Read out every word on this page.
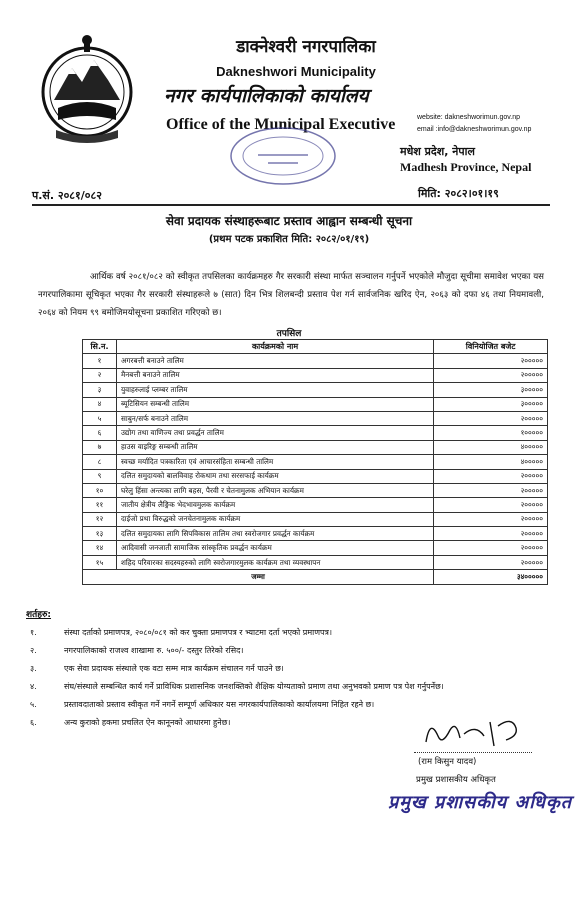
डाक्नेश्वरी नगरपालिका
Dakneshwori Municipality
नगर कार्यपालिकाको कार्यालय
Office of the Municipal Executive	website: dakneshworimun.gov.np
email :info@dakneshworimun.gov.np
मधेश प्रदेश, नेपाल
Madhesh Province, Nepal
प.सं. २०८१/०८२	मिति: २०८२।०१।१९
सेवा प्रदायक संस्थाहरूबाट प्रस्ताव आह्वान सम्बन्धी सूचना
(प्रथम पटक प्रकाशित मिति: २०८२/०१/१९)

आर्थिक वर्ष २०८१/०८२ को स्वीकृत तपसिलका कार्यक्रमहरु गैर सरकारी संस्था मार्फत सञ्चालन गर्नुपर्ने भएकोले मौजुदा सूचीमा समावेश भएका यस नगरपालिकामा सूचिकृत भएका गैर सरकारी संस्थाहरूले ७ (सात) दिन भित्र शिलबन्दी प्रस्ताव पेश गर्न सार्वजनिक खरिद ऐन, २०६३ को दफा ४६ तथा नियमावली, २०६४ को नियम ९९ बमोजिमयोसूचना प्रकाशित गरिएको छ।

तपसिल
सि.न.	कार्यक्रमको नाम	विनियोजित बजेट
१	अगरबत्ती बनाउने तालिम	२०००००
२	मैनबत्ती बनाउने तालिम	२०००००
३	युवाहरुलाई प्लम्बर तालिम	३०००००
४	ब्यूटिसियन सम्बन्धी तालिम	३०००००
५	साबुन/सर्फ बनाउने तालिम	२०००००
६	उद्योग तथा वाणिज्य तथा प्रवर्द्धन तालिम	१०००००
७	हाउस वाइरिङ्ग सम्बन्धी तालिम	४०००००
८	स्वच्छ मर्यादित पत्रकारिता एवं आचारसंहिता सम्बन्धी तालिम	४०००००
९	दलित समुदायको बालविवाह रोकथाम तथा सरसफाई कार्यक्रम	२०००००
१०	घरेलु हिंसा अन्त्यका लागि बहस, पैरवी र चेतनामुलक अभियान कार्यक्रम	२०००००
११	जातीय क्षेत्रीय लैङ्गिक भेदभावमुलक कार्यक्रम	२०००००
१२	दाईजो प्रथा विरुद्धको जनचेतनामुलक कार्यक्रम	२०००००
१३	दलित समुदायका लागि सिपविकास तालिम तथा स्वरोजगार प्रवर्द्धन कार्यक्रम	२०००००
१४	आदिवासी जनजाती सामाजिक सांस्कृतिक प्रवर्द्धन कार्यक्रम	२०००००
१५	शहिद परिवारका सदस्यहरुको लागि स्वरोजगारमुलक कार्यक्रम तथा व्यवस्थापन	२०००००
जम्मा		३४०००००
शर्तहरु:
१.	संस्था दर्ताको प्रमाणपत्र, २०८०/०८१ को कर चुक्ता प्रमाणपत्र र भ्याटमा दर्ता भएको प्रमाणपत्र।
२.	नगरपालिकाको राजश्व शाखामा रु. ५००/- दस्तुर तिरेको रसिद।
३.	एक सेवा प्रदायक संस्थाले एक वटा सम्म मात्र कार्यक्रम संचालन गर्न पाउने छ।
४.	संघ/संस्थाले सम्बन्धित कार्य गर्ने प्राविधिक प्रशासनिक जनशक्तिको शैक्षिक योग्यताको प्रमाण तथा अनुभवको प्रमाण पत्र पेश गर्नुपर्नेछ।
५.	प्रस्तावदाताको प्रस्ताव स्वीकृत गर्ने नगर्ने सम्पूर्ण अधिकार यस नगरकार्यपालिकाको कार्यालयमा निहित रहने छ।
६.	अन्य कुराको हकमा प्रचलित ऐन कानूनको आधारमा हुनेछ।
(राम किसुन यादव)
प्रमुख प्रशासकीय अधिकृत
प्रमुख प्रशासकीय अधिकृत
